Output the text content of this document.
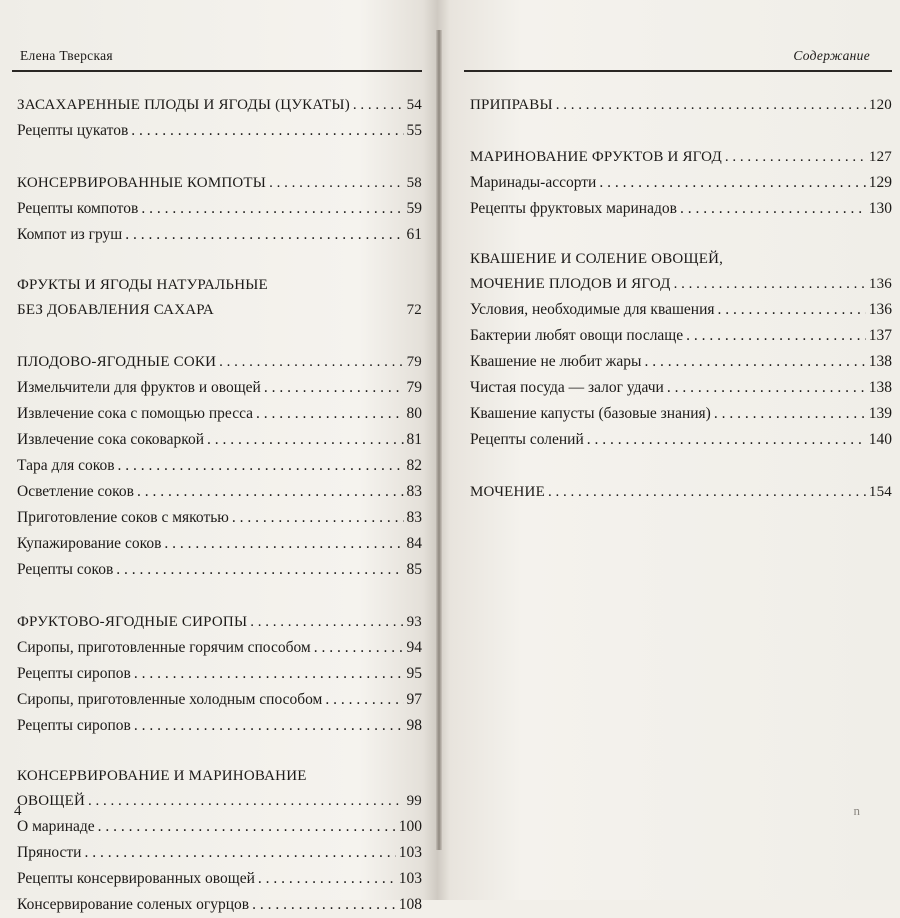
Елена Тверская
ЗАСАХАРЕННЫЕ ПЛОДЫ И ЯГОДЫ (ЦУКАТЫ) . . .	54
Рецепты цукатов . . .	55
КОНСЕРВИРОВАННЫЕ КОМПОТЫ . . .	58
Рецепты компотов . . .	59
Компот из груш . . .	61
ФРУКТЫ И ЯГОДЫ НАТУРАЛЬНЫЕ
БЕЗ ДОБАВЛЕНИЯ САХАРА	72
ПЛОДОВО-ЯГОДНЫЕ СОКИ . . .	79
Измельчители для фруктов и овощей . . .	79
Извлечение сока с помощью пресса . . .	80
Извлечение сока соковаркой . . .	81
Тара для соков . . .	82
Осветление соков . . .	83
Приготовление соков с мякотью . . .	83
Купажирование соков . . .	84
Рецепты соков . . .	85
ФРУКТОВО-ЯГОДНЫЕ СИРОПЫ . . .	93
Сиропы, приготовленные горячим способом . . .	94
Рецепты сиропов . . .	95
Сиропы, приготовленные холодным способом . . .	97
Рецепты сиропов . . .	98
КОНСЕРВИРОВАНИЕ И МАРИНОВАНИЕ
ОВОЩЕЙ . . .	99
О маринаде . . .	100
Пряности . . .	103
Рецепты консервированных овощей . . .	103
Консервирование соленых огурцов . . .	108
4
Содержание
ПРИПРАВЫ . . .	120
МАРИНОВАНИЕ ФРУКТОВ И ЯГОД . . .	127
Маринады-ассорти . . .	129
Рецепты фруктовых маринадов . . .	130
КВАШЕНИЕ И СОЛЕНИЕ ОВОЩЕЙ,
МОЧЕНИЕ ПЛОДОВ И ЯГОД . . .	136
Условия, необходимые для квашения . . .	136
Бактерии любят овощи послаще . . .	137
Квашение не любит жары . . .	138
Чистая посуда — залог удачи . . .	138
Квашение капусты (базовые знания) . . .	139
Рецепты солений . . .	140
МОЧЕНИЕ . . .	154
n
